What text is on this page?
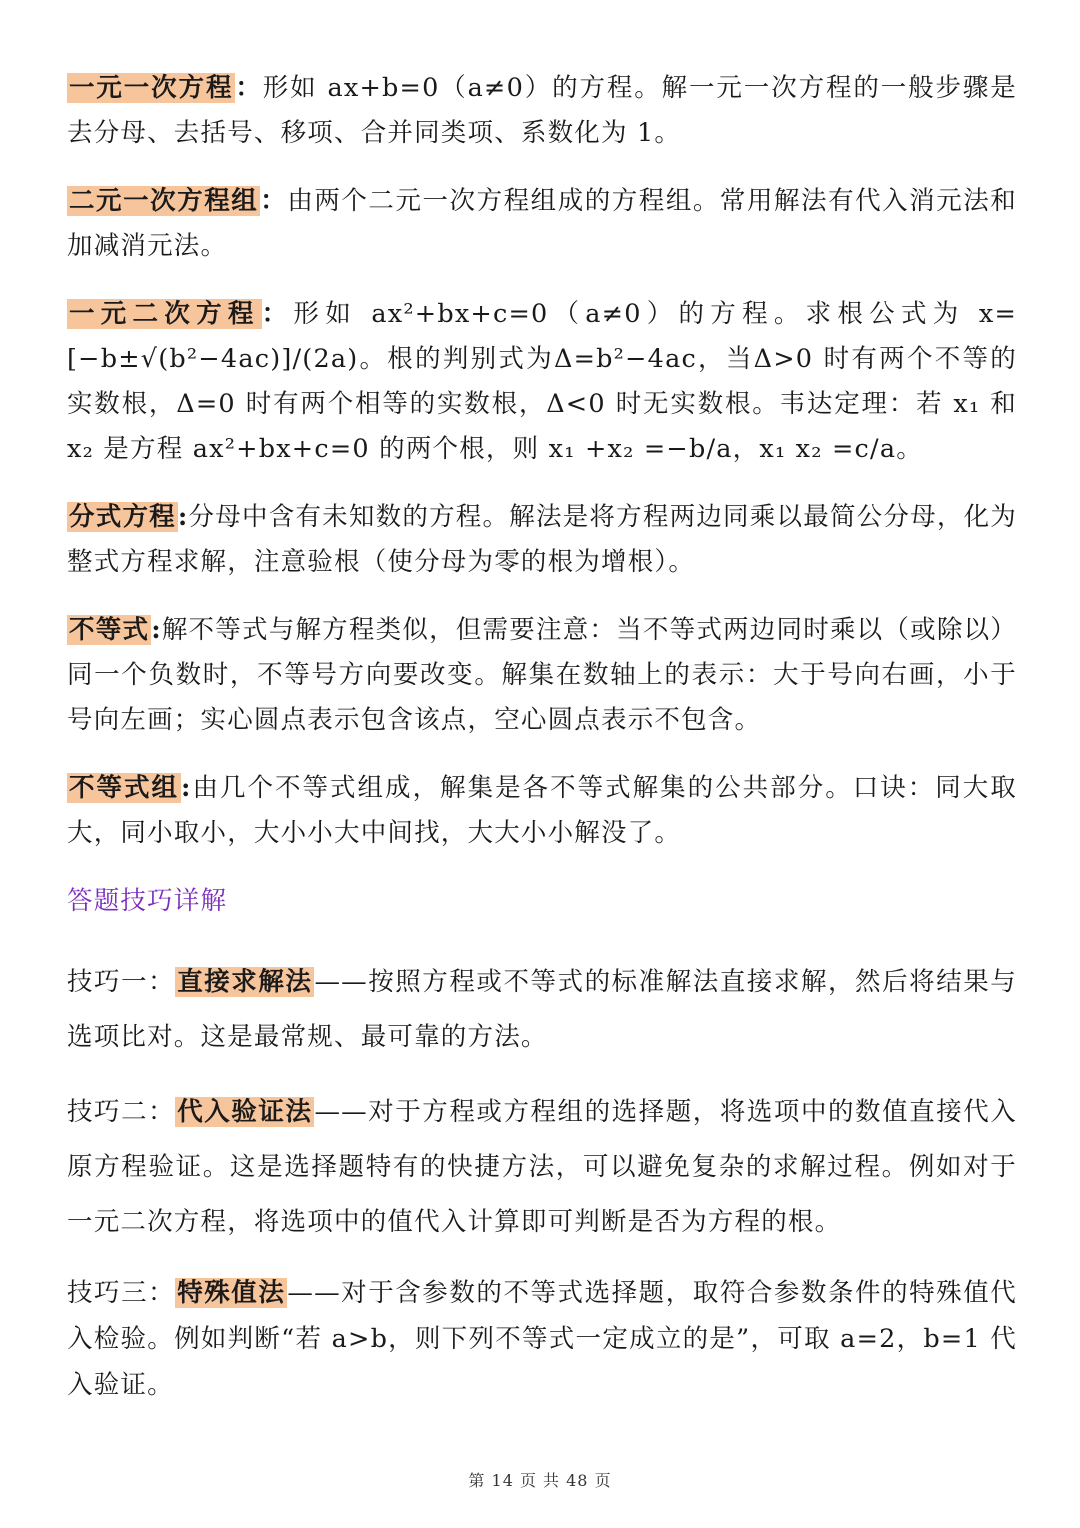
一元一次方程：形如 ax+b=0（a≠0）的方程。解一元一次方程的一般步骤是去分母、去括号、移项、合并同类项、系数化为 1。

二元一次方程组：由两个二元一次方程组成的方程组。常用解法有代入消元法和加减消元法。

一元二次方程：形如 ax²+bx+c=0（a≠0）的方程。求根公式为 x=[−b±√(b²−4ac)]/(2a)。根的判别式为Δ=b²−4ac，当Δ>0 时有两个不等的实数根，Δ=0 时有两个相等的实数根，Δ<0 时无实数根。韦达定理：若 x₁ 和 x₂ 是方程 ax²+bx+c=0 的两个根，则 x₁ +x₂ =−b/a，x₁ x₂ =c/a。

分式方程:分母中含有未知数的方程。解法是将方程两边同乘以最简公分母，化为整式方程求解，注意验根（使分母为零的根为增根）。

不等式:解不等式与解方程类似，但需要注意：当不等式两边同时乘以（或除以）同一个负数时，不等号方向要改变。解集在数轴上的表示：大于号向右画，小于号向左画；实心圆点表示包含该点，空心圆点表示不包含。

不等式组:由几个不等式组成，解集是各不等式解集的公共部分。口诀：同大取大，同小取小，大小小大中间找，大大小小解没了。

答题技巧详解

技巧一：直接求解法——按照方程或不等式的标准解法直接求解，然后将结果与选项比对。这是最常规、最可靠的方法。

技巧二：代入验证法——对于方程或方程组的选择题，将选项中的数值直接代入原方程验证。这是选择题特有的快捷方法，可以避免复杂的求解过程。例如对于一元二次方程，将选项中的值代入计算即可判断是否为方程的根。

技巧三：特殊值法——对于含参数的不等式选择题，取符合参数条件的特殊值代入检验。例如判断“若 a>b，则下列不等式一定成立的是”，可取 a=2，b=1 代入验证。

第 14 页 共 48 页
